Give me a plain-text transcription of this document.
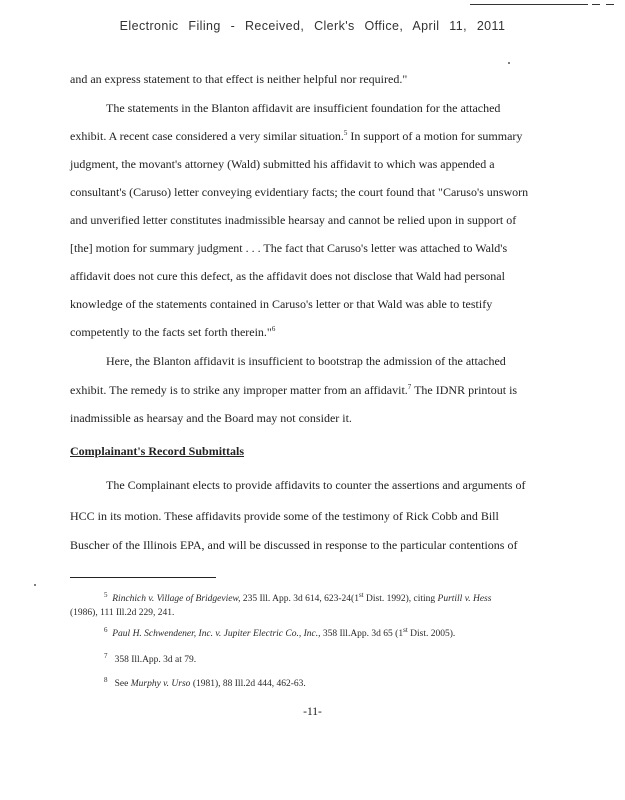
Electronic Filing - Received, Clerk's Office, April 11, 2011
and an express statement to that effect is neither helpful nor required."
The statements in the Blanton affidavit are insufficient foundation for the attached
exhibit. A recent case considered a very similar situation.$^5$ In support of a motion for summary
judgment, the movant's attorney (Wald) submitted his affidavit to which was appended a
consultant's (Caruso) letter conveying evidentiary facts; the court found that "Caruso's unsworn
and unverified letter constitutes inadmissible hearsay and cannot be relied upon in support of
[the] motion for summary judgment . . . The fact that Caruso's letter was attached to Wald's
affidavit does not cure this defect, as the affidavit does not disclose that Wald had personal
knowledge of the statements contained in Caruso's letter or that Wald was able to testify
competently to the facts set forth therein."$^6$
Here, the Blanton affidavit is insufficient to bootstrap the admission of the attached
exhibit. The remedy is to strike any improper matter from an affidavit.$^7$ The IDNR printout is
inadmissible as hearsay and the Board may not consider it.
Complainant's Record Submittals
The Complainant elects to provide affidavits to counter the assertions and arguments of
HCC in its motion. These affidavits provide some of the testimony of Rick Cobb and Bill
Buscher of the Illinois EPA, and will be discussed in response to the particular contentions of
$^5$ Rinchich v. Village of Bridgeview, 235 Ill. App. 3d 614, 623-24(1st Dist. 1992), citing Purtill v. Hess
(1986), 111 Ill.2d 229, 241.
$^6$ Paul H. Schwendener, Inc. v. Jupiter Electric Co., Inc., 358 Ill.App. 3d 65 (1st Dist. 2005).
$^7$ 358 Ill.App. 3d at 79.
$^8$ See Murphy v. Urso (1981), 88 Ill.2d 444, 462-63.
-11-
